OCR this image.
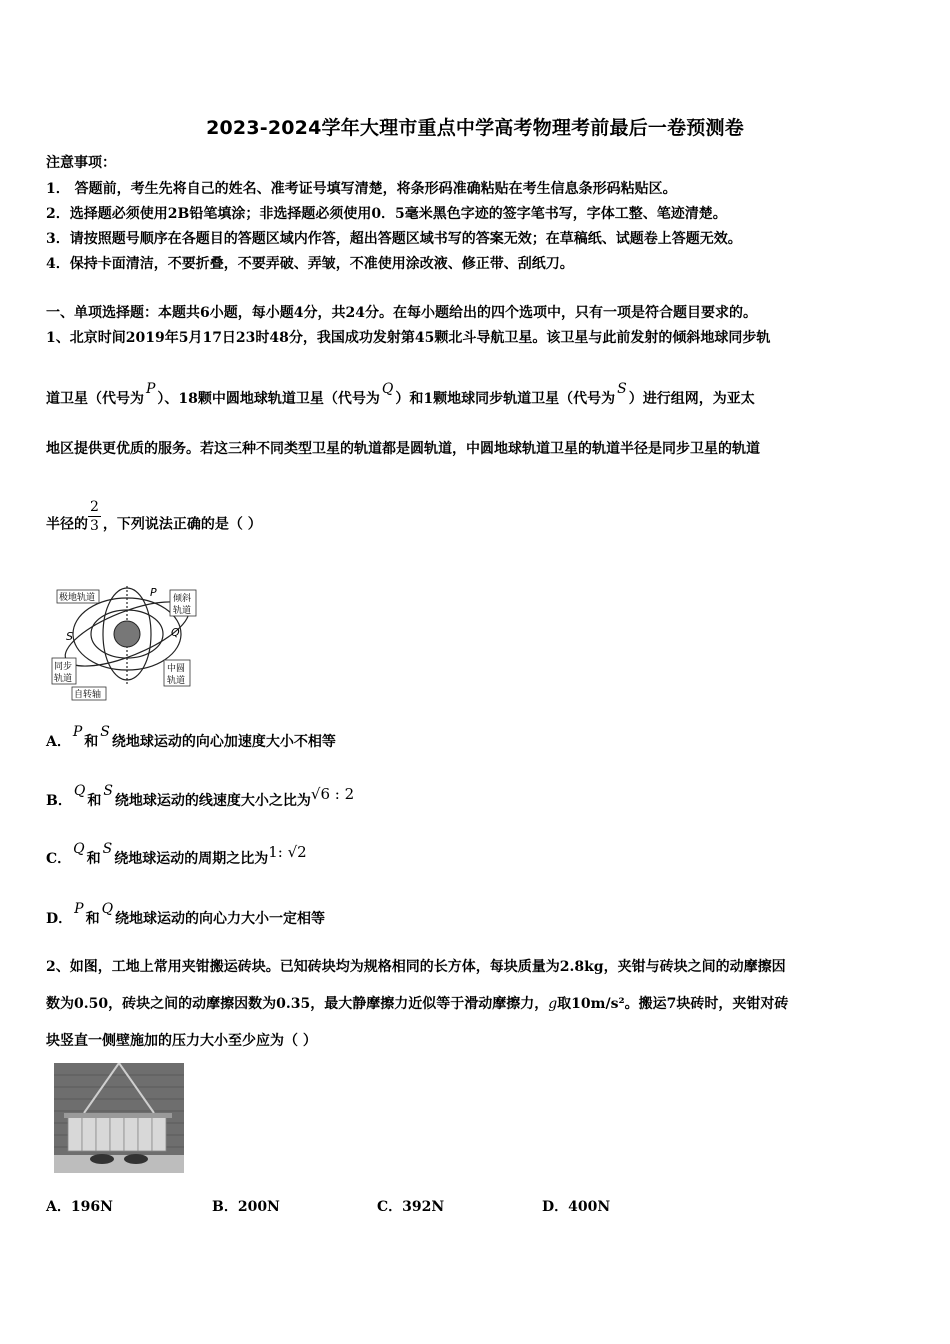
2023-2024学年大理市重点中学高考物理考前最后一卷预测卷
注意事项：
1． 答题前，考生先将自己的姓名、准考证号填写清楚，将条形码准确粘贴在考生信息条形码粘贴区。
2．选择题必须使用2B铅笔填涂；非选择题必须使用0．5毫米黑色字迹的签字笔书写，字体工整、笔迹清楚。
3．请按照题号顺序在各题目的答题区域内作答，超出答题区域书写的答案无效；在草稿纸、试题卷上答题无效。
4．保持卡面清洁，不要折叠，不要弄破、弄皱，不准使用涂改液、修正带、刮纸刀。
一、单项选择题：本题共6小题，每小题4分，共24分。在每小题给出的四个选项中，只有一项是符合题目要求的。
1、北京时间2019年5月17日23时48分，我国成功发射第45颗北斗导航卫星。该卫星与此前发射的倾斜地球同步轨
道卫星（代号为P）、18颗中圆地球轨道卫星（代号为Q）和1颗地球同步轨道卫星（代号为S）进行组网，为亚太
地区提供更优质的服务。若这三种不同类型卫星的轨道都是圆轨道，中圆地球轨道卫星的轨道半径是同步卫星的轨道
半径的 $\frac{2}{3}$ ，下列说法正确的是（ ）
极地轨道	P 倾斜
轨道
S	Q
同步
轨道
中圆
轨道
自转轴
A．P和S绕地球运动的向心加速度大小不相等
B．Q和S绕地球运动的线速度大小之比为√6 : 2
C．Q和S绕地球运动的周期之比为1: √2
D．P和Q绕地球运动的向心力大小一定相等
2、如图，工地上常用夹钳搬运砖块。已知砖块均为规格相同的长方体，每块质量为2.8kg，夹钳与砖块之间的动摩擦因
数为0.50，砖块之间的动摩擦因数为0.35，最大静摩擦力近似等于滑动摩擦力，g取10m/s²。搬运7块砖时，夹钳对砖
块竖直一侧壁施加的压力大小至少应为（ ）
A．196N	B．200N	C．392N	D．400N
